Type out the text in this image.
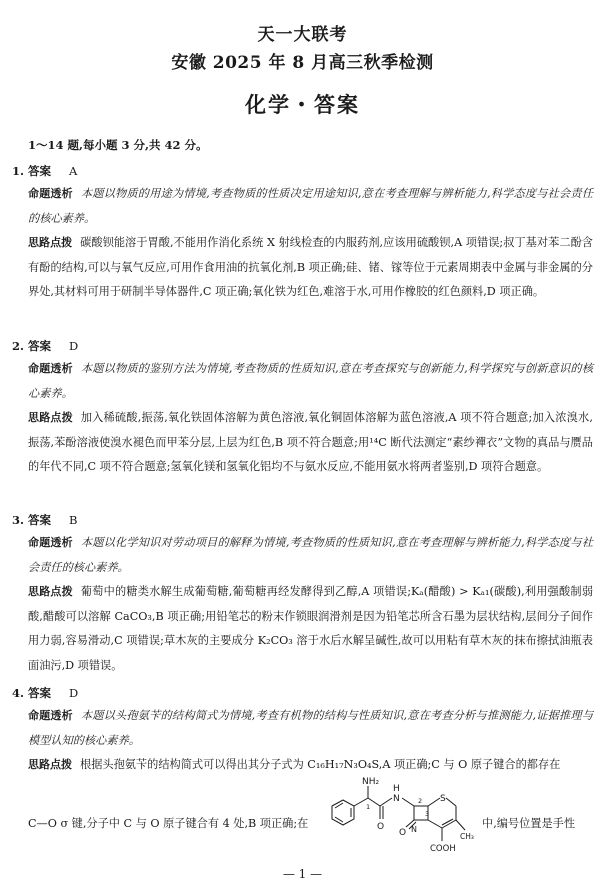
天一大联考
安徽 2025 年 8 月高三秋季检测
化学・答案
1～14 题,每小题 3 分,共 42 分。
1. 答案 A
命题透析 本题以物质的用途为情境,考查物质的性质决定用途知识,意在考查理解与辨析能力,科学态度与社会责任的核心素养。
思路点拨 碳酸钡能溶于胃酸,不能用作消化系统 X 射线检查的内服药剂,应该用硫酸钡,A 项错误;叔丁基对苯二酚含有酚的结构,可以与氧气反应,可用作食用油的抗氧化剂,B 项正确;硅、锗、镓等位于元素周期表中金属与非金属的分界处,其材料可用于研制半导体器件,C 项正确;氧化铁为红色,难溶于水,可用作橡胶的红色颜料,D 项正确。
2. 答案 D
命题透析 本题以物质的鉴别方法为情境,考查物质的性质知识,意在考查探究与创新能力,科学探究与创新意识的核心素养。
思路点拨 加入稀硫酸,振荡,氧化铁固体溶解为黄色溶液,氧化铜固体溶解为蓝色溶液,A 项不符合题意;加入浓溴水,振荡,苯酚溶液使溴水褪色而甲苯分层,上层为红色,B 项不符合题意;用¹⁴C 断代法测定“素纱襌衣”文物的真品与赝品的年代不同,C 项不符合题意;氢氧化镁和氢氧化铝均不与氨水反应,不能用氨水将两者鉴别,D 项符合题意。
3. 答案 B
命题透析 本题以化学知识对劳动项目的解释为情境,考查物质的性质知识,意在考查理解与辨析能力,科学态度与社会责任的核心素养。
思路点拨 葡萄中的糖类水解生成葡萄糖,葡萄糖再经发酵得到乙醇,A 项错误;Kₐ(醋酸) > Kₐ₁(碳酸),利用强酸制弱酸,醋酸可以溶解 CaCO₃,B 项正确;用铅笔芯的粉末作锁眼润滑剂是因为铅笔芯所含石墨为层状结构,层间分子间作用力弱,容易滑动,C 项错误;草木灰的主要成分 K₂CO₃ 溶于水后水解呈碱性,故可以用粘有草木灰的抹布擦拭油瓶表面油污,D 项错误。
4. 答案 D
命题透析 本题以头孢氨苄的结构简式为情境,考查有机物的结构与性质知识,意在考查分析与推测能力,证据推理与模型认知的核心素养。
思路点拨 根据头孢氨苄的结构简式可以得出其分子式为 C₁₆H₁₇N₃O₄S,A 项正确;C 与 O 原子键合的都存在
C—O σ 键,分子中 C 与 O 原子键合有 4 处,B 项正确;在	中,编号位置是手性
NH₂
N
H
N
S
O
O
COOH
CH₃
1
2
3
— 1 —
